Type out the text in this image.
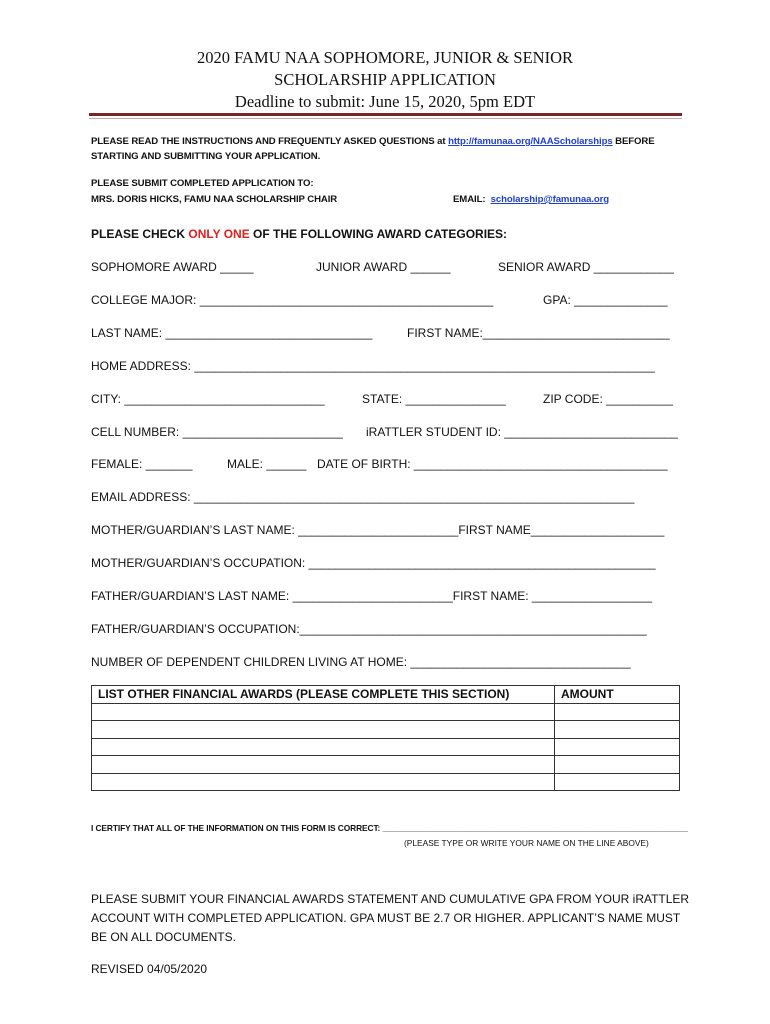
2020 FAMU NAA SOPHOMORE, JUNIOR & SENIOR
SCHOLARSHIP APPLICATION
Deadline to submit: June 15, 2020, 5pm EDT
PLEASE READ THE INSTRUCTIONS AND FREQUENTLY ASKED QUESTIONS at http://famunaa.org/NAAScholarships BEFORE
STARTING AND SUBMITTING YOUR APPLICATION.
PLEASE SUBMIT COMPLETED APPLICATION TO:
MRS. DORIS HICKS, FAMU NAA SCHOLARSHIP CHAIR	EMAIL: scholarship@famunaa.org
PLEASE CHECK ONLY ONE OF THE FOLLOWING AWARD CATEGORIES:
SOPHOMORE AWARD _____	JUNIOR AWARD ______	SENIOR AWARD ____________
COLLEGE MAJOR: ____________________________________________	GPA: ______________
LAST NAME: _______________________________	FIRST NAME:____________________________
HOME ADDRESS: _____________________________________________________________________
CITY: ______________________________	STATE: _______________	ZIP CODE: __________
CELL NUMBER: ________________________ iRATTLER STUDENT ID: __________________________
FEMALE: _______	MALE: ______ DATE OF BIRTH: ______________________________________
EMAIL ADDRESS: __________________________________________________________________
MOTHER/GUARDIAN’S LAST NAME: ________________________FIRST NAME____________________
MOTHER/GUARDIAN’S OCCUPATION: ____________________________________________________
FATHER/GUARDIAN’S LAST NAME: ________________________FIRST NAME: __________________
FATHER/GUARDIAN’S OCCUPATION:____________________________________________________
NUMBER OF DEPENDENT CHILDREN LIVING AT HOME: _________________________________
LIST OTHER FINANCIAL AWARDS (PLEASE COMPLETE THIS SECTION)	AMOUNT

I CERTIFY THAT ALL OF THE INFORMATION ON THIS FORM IS CORRECT: ___________________________________________________________________
(PLEASE TYPE OR WRITE YOUR NAME ON THE LINE ABOVE)
PLEASE SUBMIT YOUR FINANCIAL AWARDS STATEMENT AND CUMULATIVE GPA FROM YOUR iRATTLER ACCOUNT WITH COMPLETED APPLICATION. GPA MUST BE 2.7 OR HIGHER. APPLICANT’S NAME MUST BE ON ALL DOCUMENTS.
REVISED 04/05/2020
